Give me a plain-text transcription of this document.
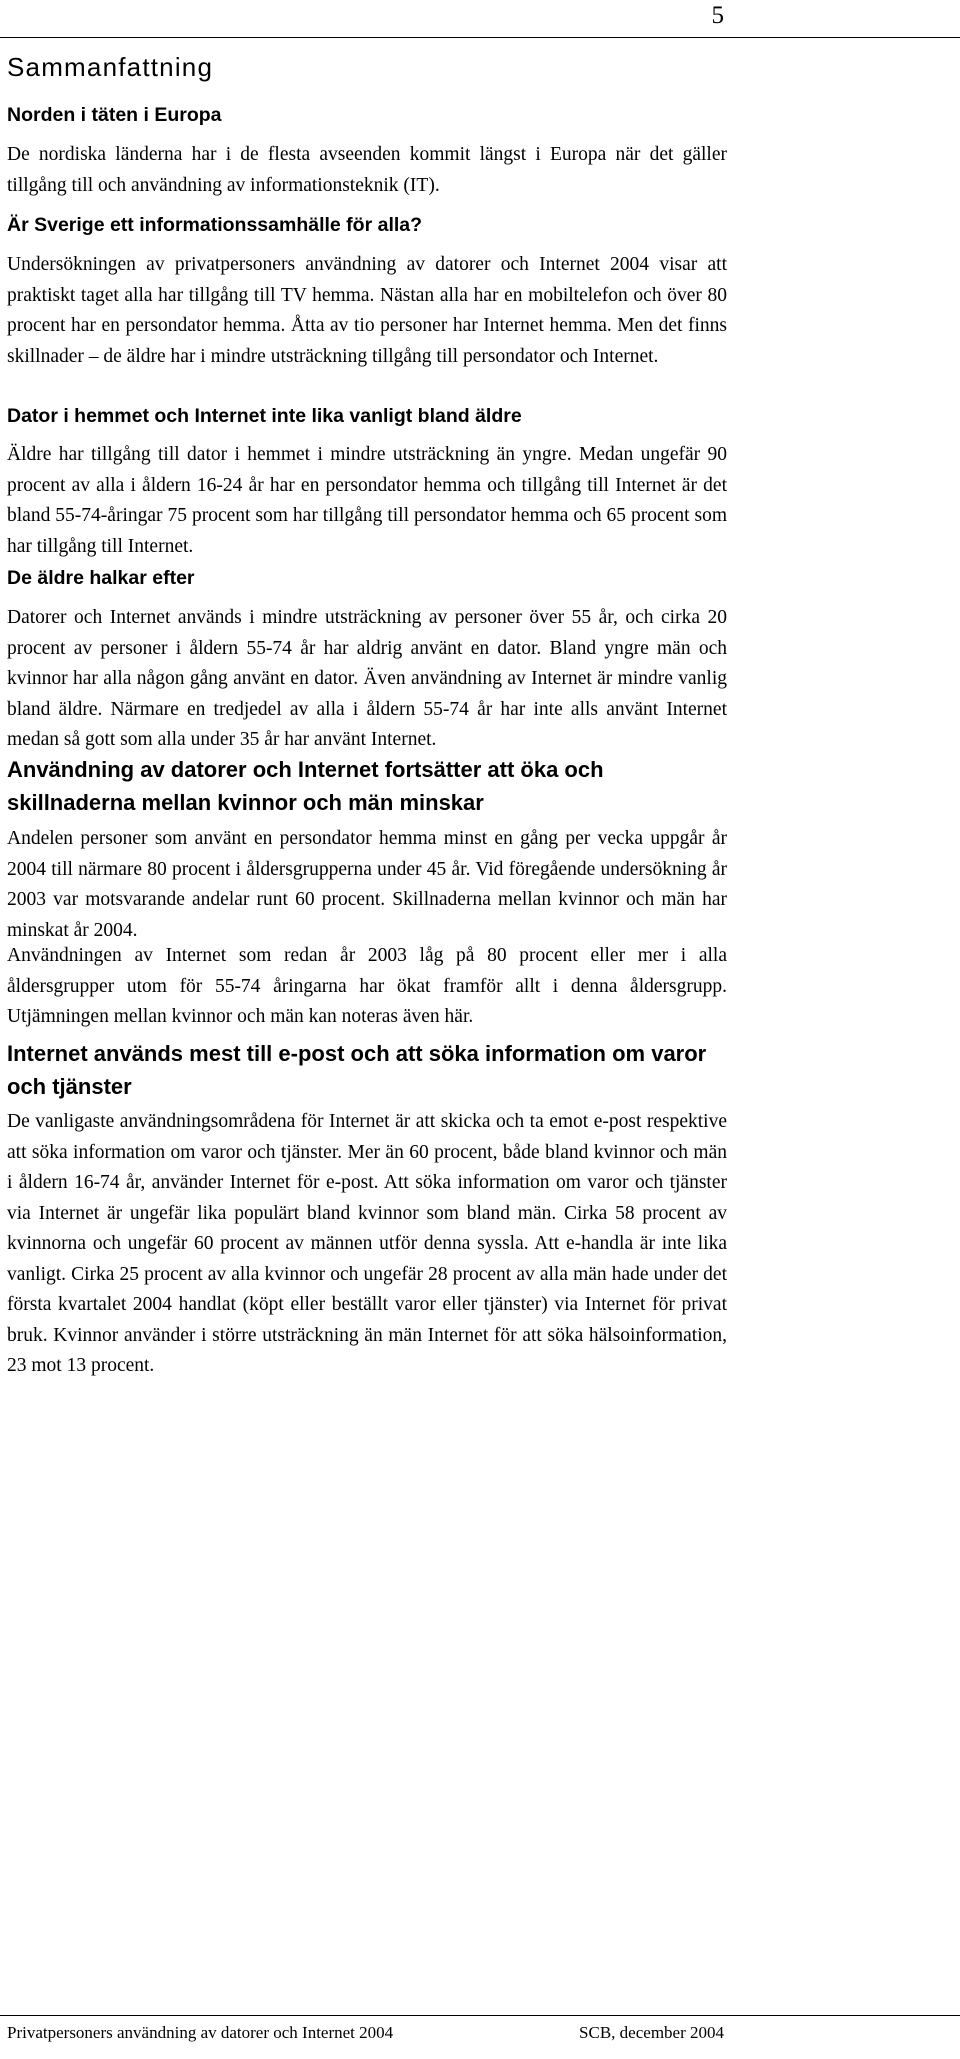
5
Sammanfattning
Norden i täten i Europa

De nordiska länderna har i de flesta avseenden kommit längst i Europa när det gäller tillgång till och användning av informationsteknik (IT).

Är Sverige ett informationssamhälle för alla?

Undersökningen av privatpersoners användning av datorer och Internet 2004 visar att praktiskt taget alla har tillgång till TV hemma. Nästan alla har en mobiltelefon och över 80 procent har en persondator hemma. Åtta av tio personer har Internet hemma. Men det finns skillnader – de äldre har i mindre utsträckning tillgång till persondator och Internet.

Dator i hemmet och Internet inte lika vanligt bland äldre

Äldre har tillgång till dator i hemmet i mindre utsträckning än yngre. Medan ungefär 90 procent av alla i åldern 16-24 år har en persondator hemma och tillgång till Internet är det bland 55-74-åringar 75 procent som har tillgång till persondator hemma och 65 procent som har tillgång till Internet.

De äldre halkar efter

Datorer och Internet används i mindre utsträckning av personer över 55 år, och cirka 20 procent av personer i åldern 55-74 år har aldrig använt en dator. Bland yngre män och kvinnor har alla någon gång använt en dator. Även användning av Internet är mindre vanlig bland äldre. Närmare en tredjedel av alla i åldern 55-74 år har inte alls använt Internet medan så gott som alla under 35 år har använt Internet.

Användning av datorer och Internet fortsätter att öka och skillnaderna mellan kvinnor och män minskar

Andelen personer som använt en persondator hemma minst en gång per vecka uppgår år 2004 till närmare 80 procent i åldersgrupperna under 45 år. Vid föregående undersökning år 2003 var motsvarande andelar runt 60 procent. Skillnaderna mellan kvinnor och män har minskat år 2004.

Användningen av Internet som redan år 2003 låg på 80 procent eller mer i alla åldersgrupper utom för 55-74 åringarna har ökat framför allt i denna åldersgrupp. Utjämningen mellan kvinnor och män kan noteras även här.

Internet används mest till e-post och att söka information om varor och tjänster

De vanligaste användningsområdena för Internet är att skicka och ta emot e-post respektive att söka information om varor och tjänster. Mer än 60 procent, både bland kvinnor och män i åldern 16-74 år, använder Internet för e-post. Att söka information om varor och tjänster via Internet är ungefär lika populärt bland kvinnor som bland män. Cirka 58 procent av kvinnorna och ungefär 60 procent av männen utför denna syssla. Att e-handla är inte lika vanligt. Cirka 25 procent av alla kvinnor och ungefär 28 procent av alla män hade under det första kvartalet 2004 handlat (köpt eller beställt varor eller tjänster) via Internet för privat bruk. Kvinnor använder i större utsträckning än män Internet för att söka hälsoinformation, 23 mot 13 procent.

Privatpersoners användning av datorer och Internet 2004	SCB, december 2004
